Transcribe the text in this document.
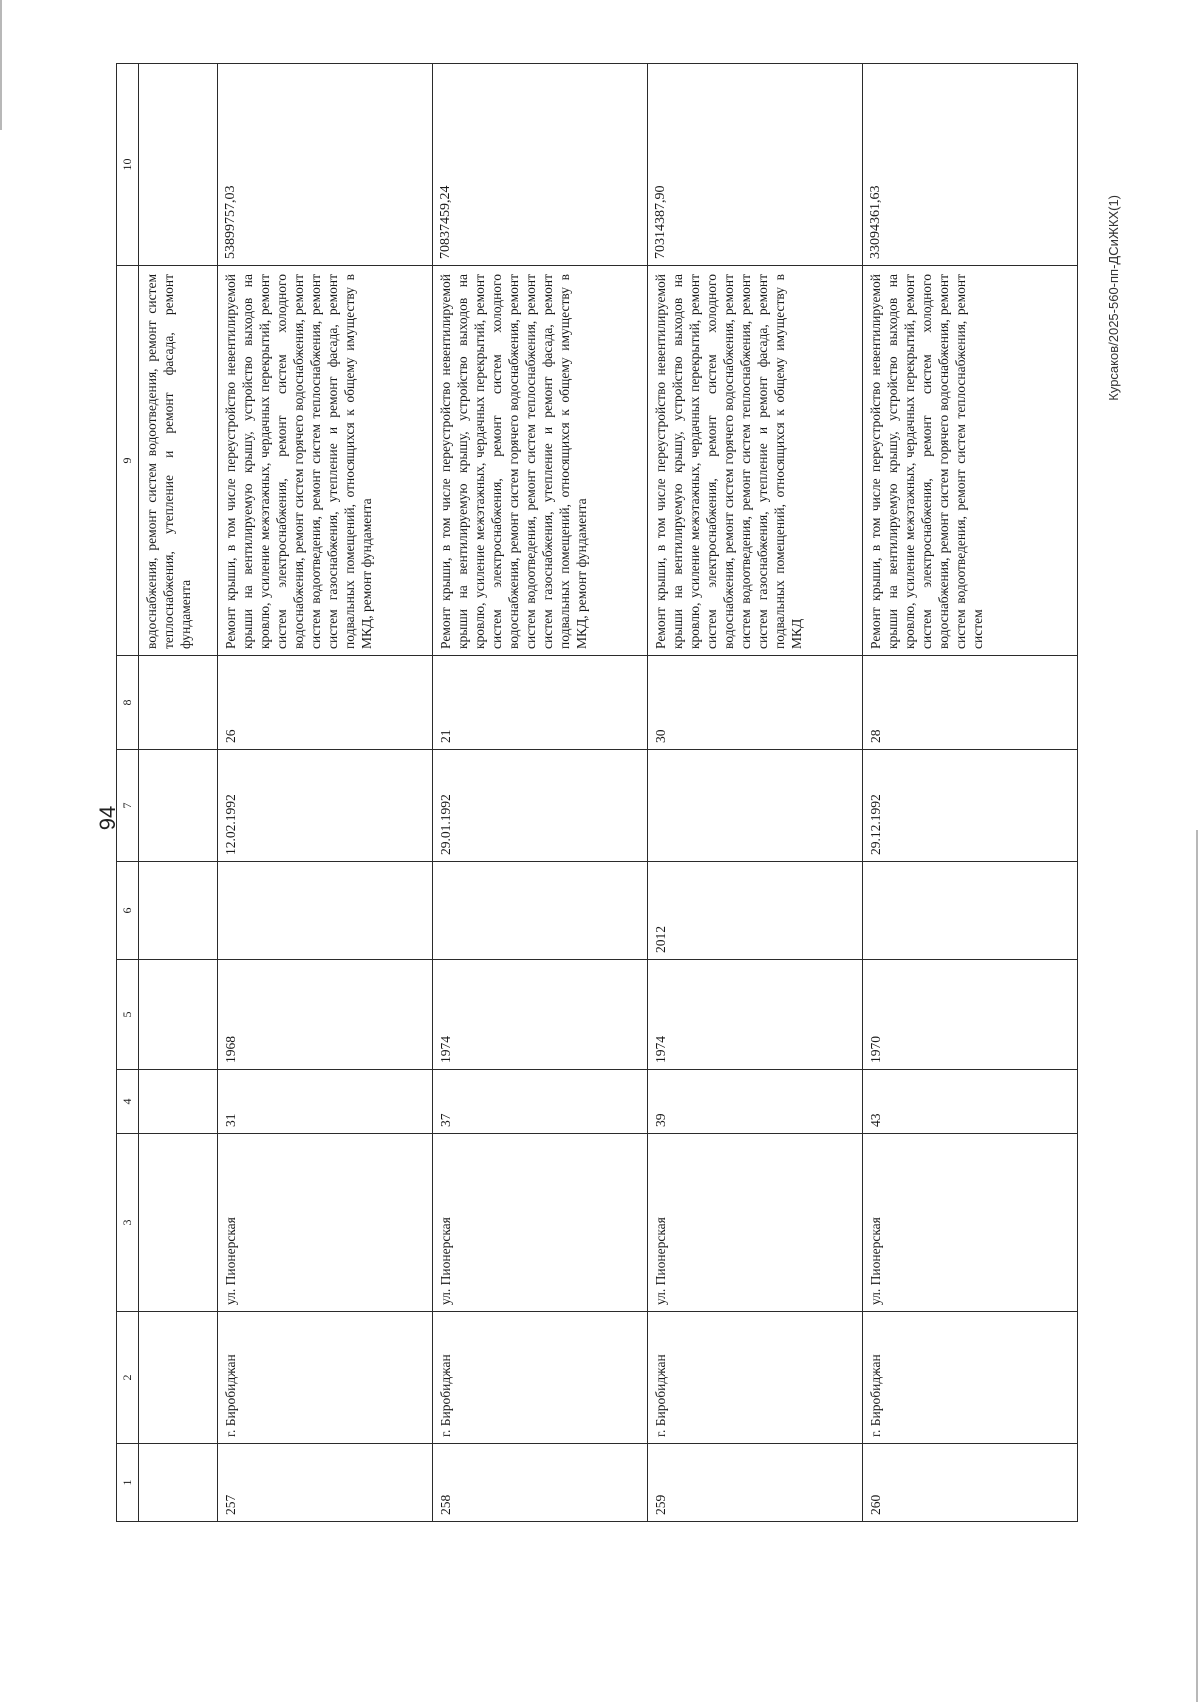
94
Курсаков/2025-560-пп-ДСиЖКХ(1)
1	2	3	4	5	6	7	8	9	10
								водоснабжения, ремонт систем водоотведения, ремонт систем теплоснабжения, утепление и ремонт фасада, ремонт фундамента	
257	г. Биробиджан	ул. Пионерская	31	1968		12.02.1992	26	Ремонт крыши, в том числе переустройство невентилируемой крыши на вентилируемую крышу, устройство выходов на кровлю, усиление межэтажных, чердачных перекрытий, ремонт систем электроснабжения, ремонт систем холодного водоснабжения, ремонт систем горячего водоснабжения, ремонт систем водоотведения, ремонт систем теплоснабжения, ремонт систем газоснабжения, утепление и ремонт фасада, ремонт подвальных помещений, относящихся к общему имуществу в МКД, ремонт фундамента	53899757,03
258	г. Биробиджан	ул. Пионерская	37	1974		29.01.1992	21	Ремонт крыши, в том числе переустройство невентилируемой крыши на вентилируемую крышу, устройство выходов на кровлю, усиление межэтажных, чердачных перекрытий, ремонт систем электроснабжения, ремонт систем холодного водоснабжения, ремонт систем горячего водоснабжения, ремонт систем водоотведения, ремонт систем теплоснабжения, ремонт систем газоснабжения, утепление и ремонт фасада, ремонт подвальных помещений, относящихся к общему имуществу в МКД, ремонт фундамента	70837459,24
259	г. Биробиджан	ул. Пионерская	39	1974	2012		30	Ремонт крыши, в том числе переустройство невентилируемой крыши на вентилируемую крышу, устройство выходов на кровлю, усиление межэтажных, чердачных перекрытий, ремонт систем электроснабжения, ремонт систем холодного водоснабжения, ремонт систем горячего водоснабжения, ремонт систем водоотведения, ремонт систем теплоснабжения, ремонт систем газоснабжения, утепление и ремонт фасада, ремонт подвальных помещений, относящихся к общему имуществу в МКД	70314387,90
260	г. Биробиджан	ул. Пионерская	43	1970		29.12.1992	28	Ремонт крыши, в том числе переустройство невентилируемой крыши на вентилируемую крышу, устройство выходов на кровлю, усиление межэтажных, чердачных перекрытий, ремонт систем электроснабжения, ремонт систем холодного водоснабжения, ремонт систем горячего водоснабжения, ремонт систем водоотведения, ремонт систем теплоснабжения, ремонт систем	33094361,63
